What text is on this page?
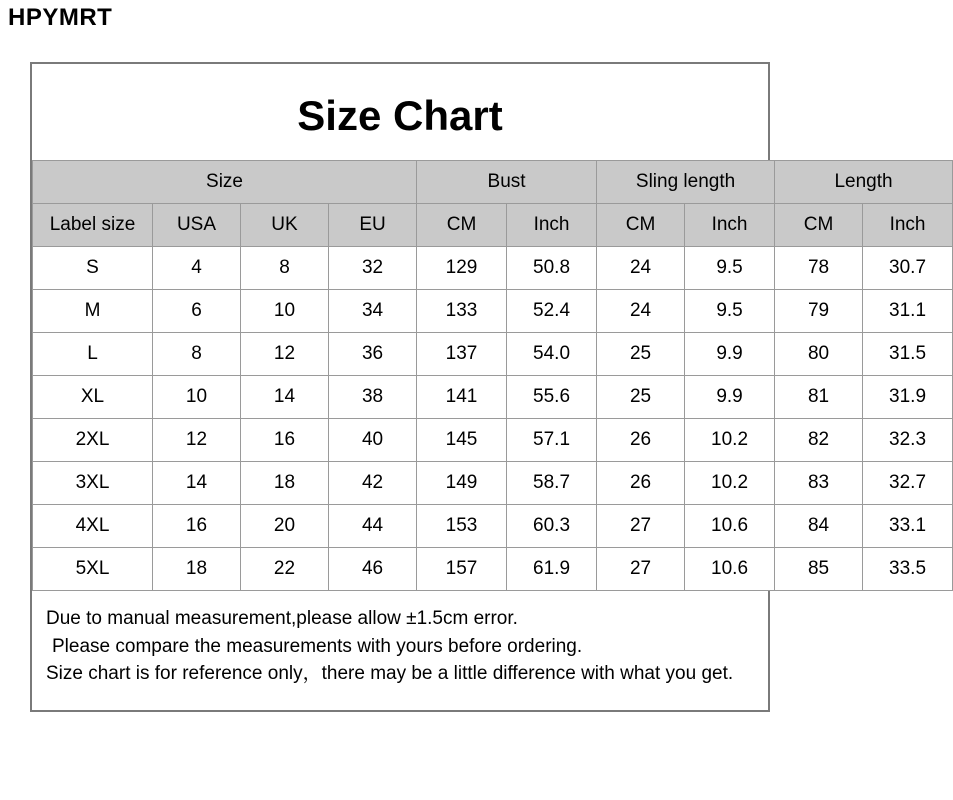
HPYMRT
Size Chart
Size				Bust		Sling length		Length	
Label size	USA	UK	EU	CM	Inch	CM	Inch	CM	Inch
S	4	8	32	129	50.8	24	9.5	78	30.7
M	6	10	34	133	52.4	24	9.5	79	31.1
L	8	12	36	137	54.0	25	9.9	80	31.5
XL	10	14	38	141	55.6	25	9.9	81	31.9
2XL	12	16	40	145	57.1	26	10.2	82	32.3
3XL	14	18	42	149	58.7	26	10.2	83	32.7
4XL	16	20	44	153	60.3	27	10.6	84	33.1
5XL	18	22	46	157	61.9	27	10.6	85	33.5
Due to manual measurement,please allow ±1.5cm error.
Please compare the measurements with yours before ordering.
Size chart is for reference only，there may be a little difference with what you get.
